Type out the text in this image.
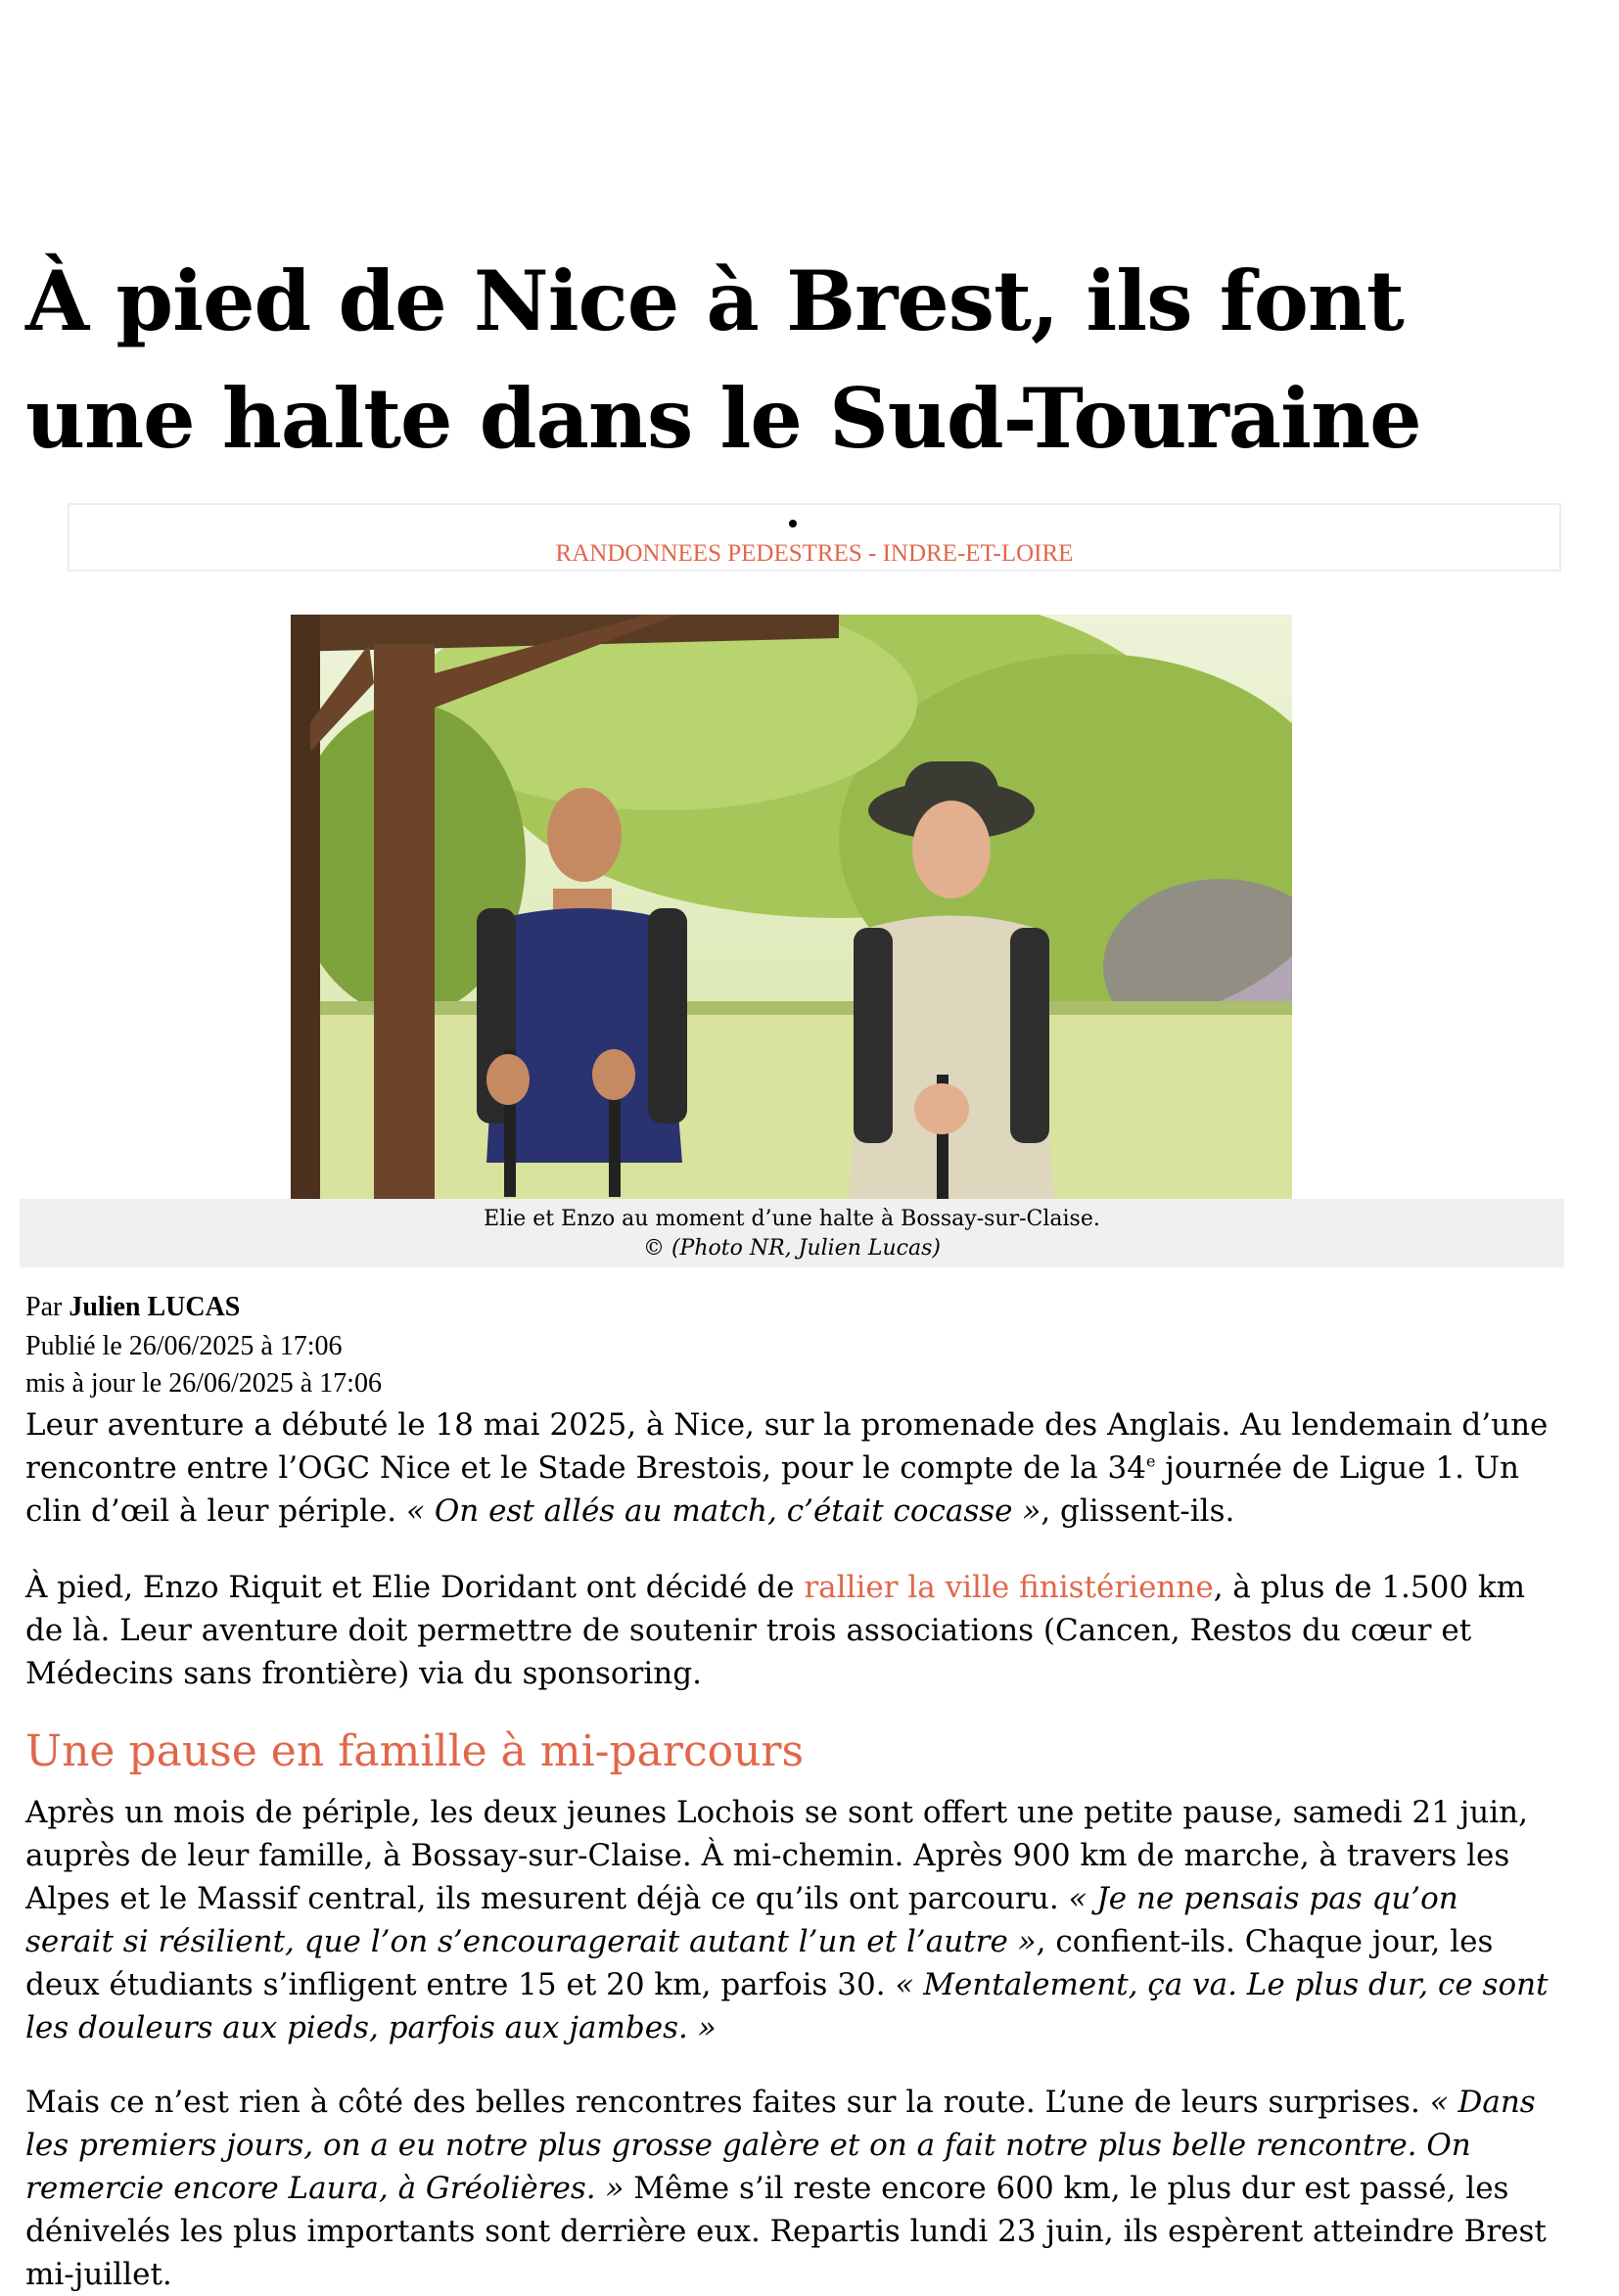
À pied de Nice à Brest, ils font une halte dans le Sud-Touraine
RANDONNEES PEDESTRES - INDRE-ET-LOIRE
Elie et Enzo au moment d’une halte à Bossay-sur-Claise.
© (Photo NR, Julien Lucas)
Par Julien LUCAS
Publié le 26/06/2025 à 17:06
mis à jour le 26/06/2025 à 17:06

Leur aventure a débuté le 18 mai 2025, à Nice, sur la promenade des Anglais. Au lendemain d’une rencontre entre l’OGC Nice et le Stade Brestois, pour le compte de la 34e journée de Ligue 1. Un clin d’œil à leur périple. « On est allés au match, c’était cocasse », glissent-ils.

À pied, Enzo Riquit et Elie Doridant ont décidé de rallier la ville finistérienne, à plus de 1.500 km de là. Leur aventure doit permettre de soutenir trois associations (Cancen, Restos du cœur et Médecins sans frontière) via du sponsoring.

Une pause en famille à mi-parcours

Après un mois de périple, les deux jeunes Lochois se sont offert une petite pause, samedi 21 juin, auprès de leur famille, à Bossay-sur-Claise. À mi-chemin. Après 900 km de marche, à travers les Alpes et le Massif central, ils mesurent déjà ce qu’ils ont parcouru. « Je ne pensais pas qu’on serait si résilient, que l’on s’encouragerait autant l’un et l’autre », confient-ils. Chaque jour, les deux étudiants s’infligent entre 15 et 20 km, parfois 30. « Mentalement, ça va. Le plus dur, ce sont les douleurs aux pieds, parfois aux jambes. »

Mais ce n’est rien à côté des belles rencontres faites sur la route. L’une de leurs surprises. « Dans les premiers jours, on a eu notre plus grosse galère et on a fait notre plus belle rencontre. On remercie encore Laura, à Gréolières. » Même s’il reste encore 600 km, le plus dur est passé, les dénivelés les plus importants sont derrière eux. Repartis lundi 23 juin, ils espèrent atteindre Brest mi-juillet.
